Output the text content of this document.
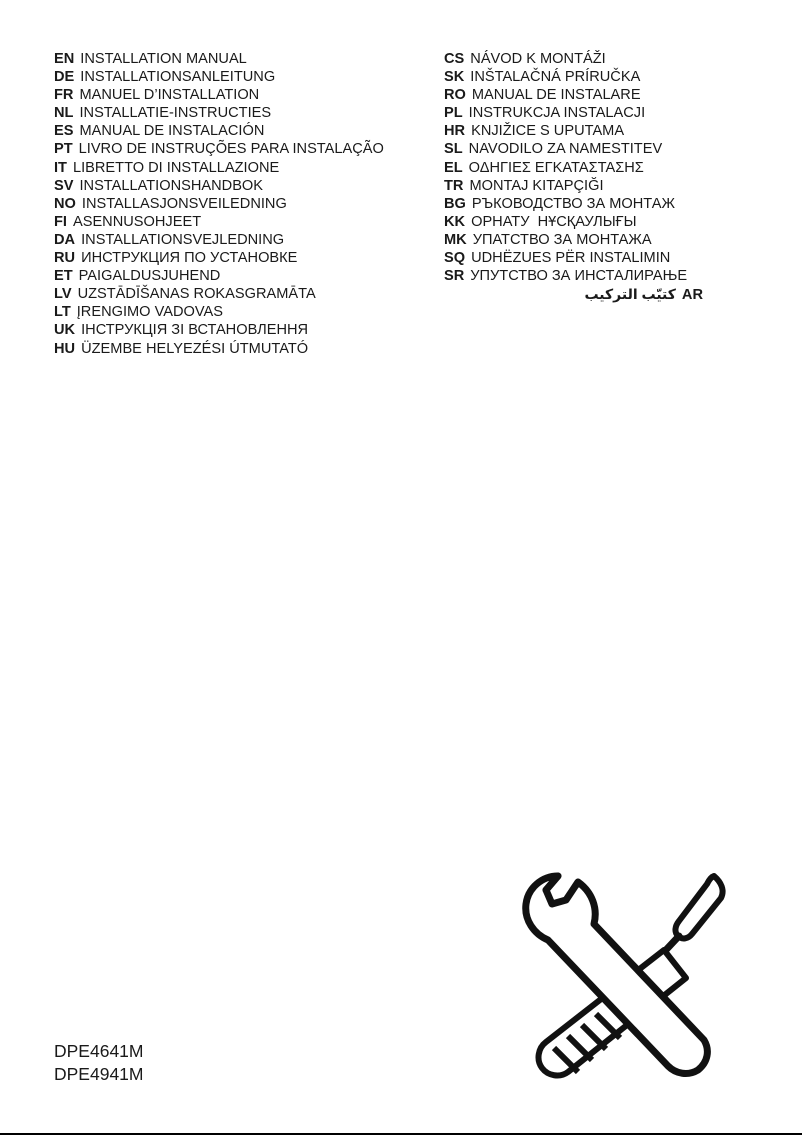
EN INSTALLATION MANUAL
DE INSTALLATIONSANLEITUNG
FR MANUEL D’INSTALLATION
NL INSTALLATIE-INSTRUCTIES
ES MANUAL DE INSTALACIÓN
PT LIVRO DE INSTRUÇÕES PARA INSTALAÇÃO
IT LIBRETTO DI INSTALLAZIONE
SV INSTALLATIONSHANDBOK
NO INSTALLASJONSVEILEDNING
FI ASENNUSOHJEET
DA INSTALLATIONSVEJLEDNING
RU ИНСТРУКЦИЯ ПО УСТАНОВКЕ
ET PAIGALDUSJUHEND
LV UZSTĀDĪŠANAS ROKASGRAMĀTA
LT ĮRENGIMO VADOVAS
UK ІНСТРУКЦІЯ ЗІ ВСТАНОВЛЕННЯ
HU ÜZEMBE HELYEZÉSI ÚTMUTATÓ
CS NÁVOD K MONTÁŽI
SK INŠTALAČNÁ PRÍRUČKA
RO MANUAL DE INSTALARE
PL INSTRUKCJA INSTALACJI
HR KNJIŽICE S UPUTAMA
SL NAVODILO ZA NAMESTITEV
EL ΟΔΗΓΙΕΣ ΕΓΚΑΤΑΣΤΑΣΗΣ
TR MONTAJ KITAPÇIĞI
BG РЪКОВОДСТВО ЗА МОНТАЖ
KK ОРНАТУ  НҰСҚАУЛЫҒЫ
MK УПАТСТВО ЗА МОНТАЖА
SQ UDHËZUES PËR INSTALIMIN
SR УПУТСТВО ЗА ИНСТАЛИРАЊЕ
كتيّب التركيب AR
DPE4641M
DPE4941M
